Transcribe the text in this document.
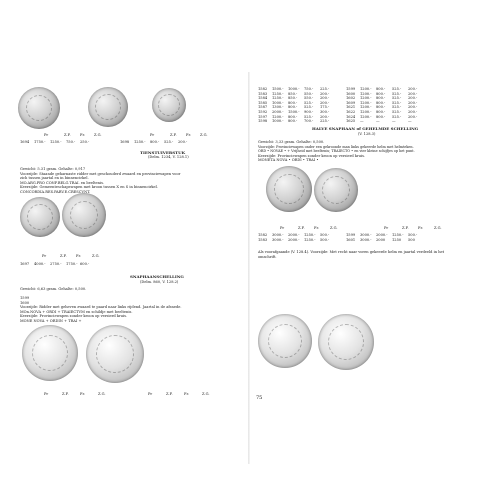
Pr	Z.F.	Fr.	Z.G.	Pr	Z.F.	Fr.	Z.G.
1694	1750.-	1250.-	750.-	250.-	1698	1250.-	800.-	525.-	200.-
TIENSTUIVERSTUK
(Delm. 1234, V. 128.1)
Gewicht: 5.31 gram. Gehalte: 0,917
Voorzijde: Staande geharnaste ridder met geschouderd zwaard en provinciewapen voor
zich tussen jaartal en in binnencirkel.
MO.ARG.PRO CONF.BELG.TRAI. en beeltenis.
Keerzijde: Gemeenteschapswapen met kroon tussen X en S in binnencirkel.
CONCORDIA.RES.PARV.E.CRESCVNT.
Pr	Z.F.	Fr.	Z.G.
1697	4000.-	2750.-	1750.- 600.-
SNAPHAANSCHELLING
(Delm. 860, V. 128.2)
Gewicht: 6,63 gram. Gehalte: 0,500.
1599
1600
Voorzijde: Ridder met geheven zwaard te paard naar links rijdend. Jaartal in de afsnede.
MOn.NOVA + ORDI + TRAIECTVM en schildje met beeltenis.
Keerzijde: Provinciewapen zonder kroon op versierd kruis.
MONE NOVA + ORDIN + TRAI +
Pr	Z.F.	Fr.	Z.G.	Pr	Z.F.	Fr.	Z.G.
1582	1500.-	1000.-	750.-	225.-	1599	1200.-	800.-	525.-	200.-
1583	1250.-	850.-	550.-	200.-	1600	1200.-	800.-	525.-	200.-
1584	1250.-	850.-	550.-	200.-	1602	1200.-	800.-	525.-	200.-
1585	1000.-	800.-	525.-	200.-	1609	1200.-	800.-	525.-	200.-
1587	1300.-	800.-	525.-	175.-	1621	1200.-	800.-	525.-	200.-
1592	2000.-	1500.-	900.-	300.-	1622	1200.-	800.-	525.-	200.-
1597	1200.-	800.-	525.-	200.-	1624	1200.-	800.-	525.-	200.-
1598	1000.-	800.-	700.-	225.-	1625	—	—	—	—
HALVE SNAPHAAN of GEHELMDE SCHELLING
(V. 128.3)
Gewicht: 3,33 gram. Gehalte: 0,500.
Voorzijde: Provinciewapen onder een gekroonde man links gekeerde helm met helmteken.
ORD • NOVAE • + Vrijheid met beeltenis; TRAIECTO • en vier kleine schijfjes op het punt.
Keerzijde: Provinciewapen zonder kroon op versierd kruis.
MONETA NOVA • ORDI • TRAI •
Pr	Z.F.	Fr.	Z.G.	Pr	Z.F.	Fr.	Z.G.
1582	3000.-	2000.-	1250.-	500.-	1599	3000.-	2000.-	1250.-	500.-
1583	3000.-	2000.-	1250.-	500.-	1601	3000.-	2000	1250	500
Als voorafgaande (V. 128.4). Voorzijde: Met recht naar voren gekeerde helm en jaartal verdeeld in het
omschrift.
75
